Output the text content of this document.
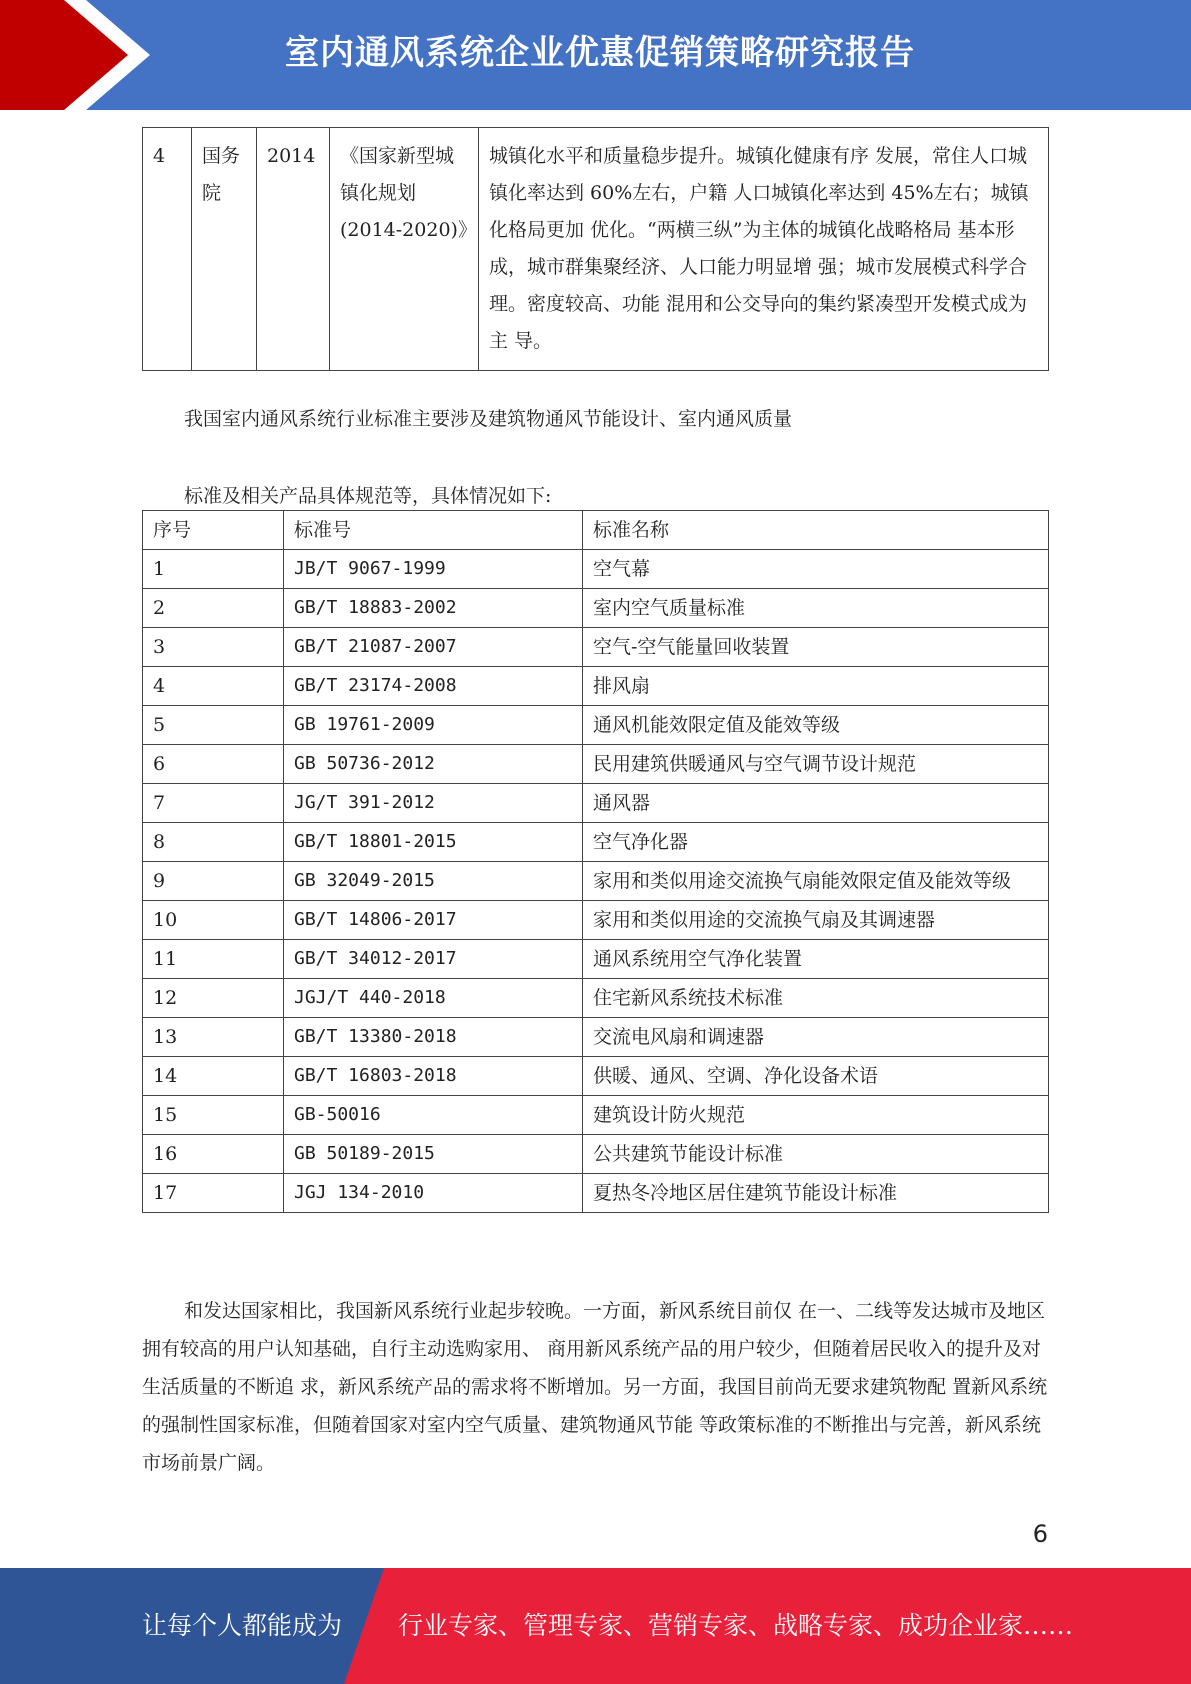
室内通风系统企业优惠促销策略研究报告
4	国务院	2014	《国家新型城镇化规划(2014-2020)》	城镇化水平和质量稳步提升。城镇化健康有序 发展，常住人口城镇化率达到 60%左右，户籍 人口城镇化率达到 45%左右；城镇化格局更加 优化。“两横三纵”为主体的城镇化战略格局 基本形成，城市群集聚经济、人口能力明显增 强；城市发展模式科学合理。密度较高、功能 混用和公交导向的集约紧凑型开发模式成为主 导。
我国室内通风系统行业标准主要涉及建筑物通风节能设计、室内通风质量
标准及相关产品具体规范等，具体情况如下:
序号	标准号	标准名称
1	JB/T 9067-1999	空气幕
2	GB/T 18883-2002	室内空气质量标准
3	GB/T 21087-2007	空气-空气能量回收装置
4	GB/T 23174-2008	排风扇
5	GB 19761-2009	通风机能效限定值及能效等级
6	GB 50736-2012	民用建筑供暖通风与空气调节设计规范
7	JG/T 391-2012	通风器
8	GB/T 18801-2015	空气净化器
9	GB 32049-2015	家用和类似用途交流换气扇能效限定值及能效等级
10	GB/T 14806-2017	家用和类似用途的交流换气扇及其调速器
11	GB/T 34012-2017	通风系统用空气净化装置
12	JGJ/T 440-2018	住宅新风系统技术标准
13	GB/T 13380-2018	交流电风扇和调速器
14	GB/T 16803-2018	供暖、通风、空调、净化设备术语
15	GB-50016	建筑设计防火规范
16	GB 50189-2015	公共建筑节能设计标准
17	JGJ 134-2010	夏热冬冷地区居住建筑节能设计标准
和发达国家相比，我国新风系统行业起步较晚。一方面，新风系统目前仅 在一、二线等发达城市及地区拥有较高的用户认知基础，自行主动选购家用、 商用新风系统产品的用户较少，但随着居民收入的提升及对生活质量的不断追 求，新风系统产品的需求将不断增加。另一方面，我国目前尚无要求建筑物配 置新风系统的强制性国家标准，但随着国家对室内空气质量、建筑物通风节能 等政策标准的不断推出与完善，新风系统市场前景广阔。
6
让每个人都能成为 行业专家、管理专家、营销专家、战略专家、成功企业家……
